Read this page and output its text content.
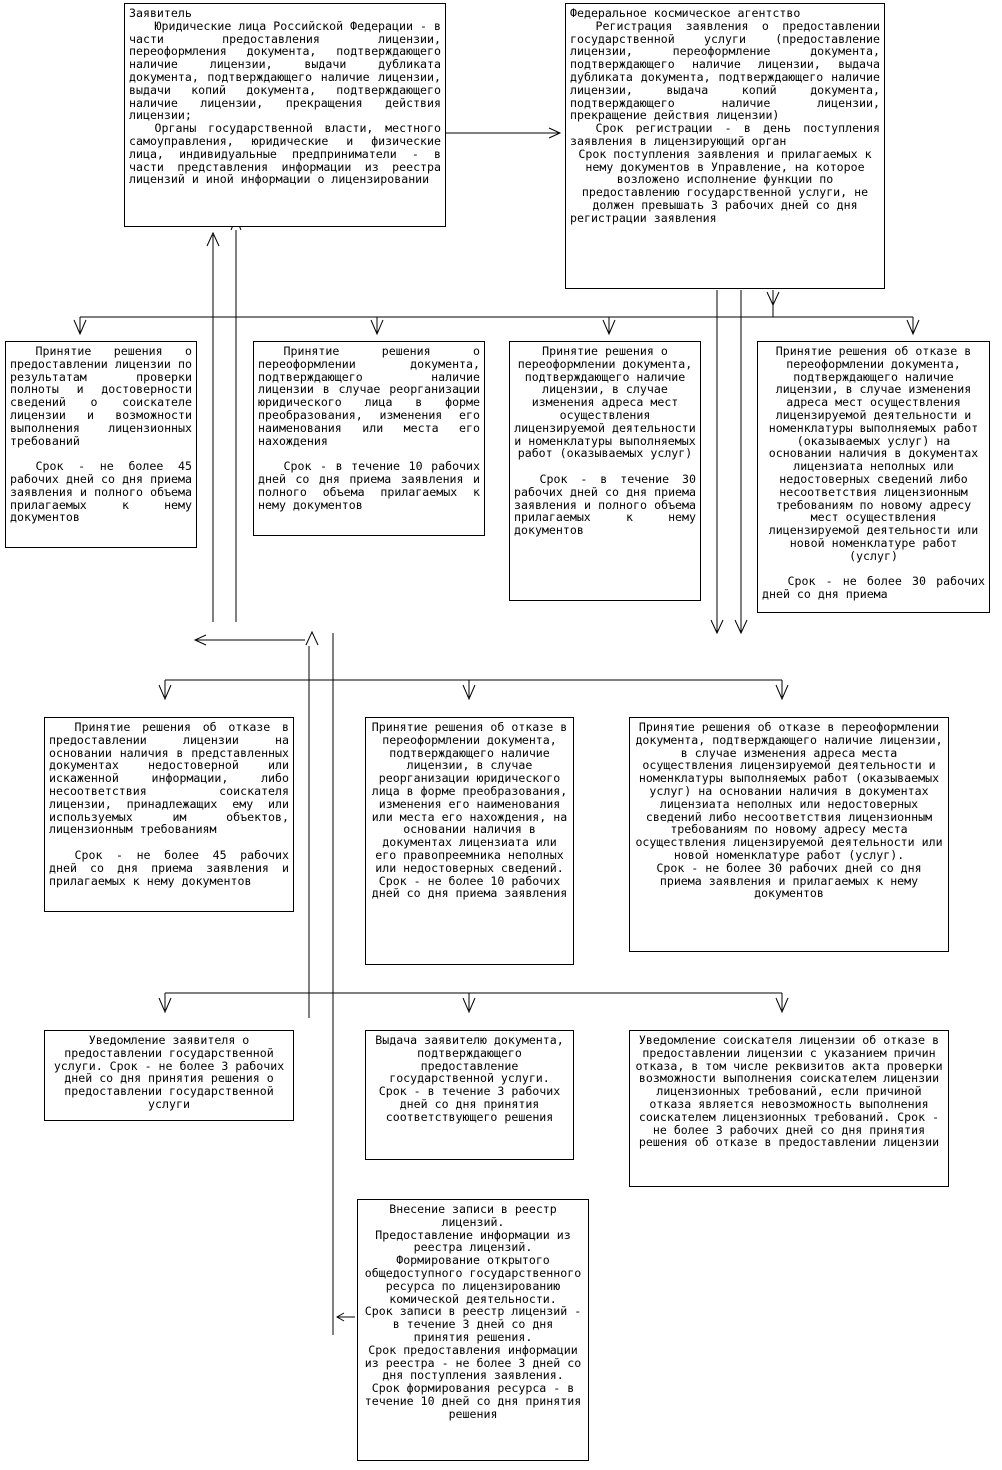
Заявитель

Юридические лица Российской Федерации - в части предоставления лицензии, переоформления документа, подтверждающего наличие лицензии, выдачи дубликата документа, подтверждающего наличие лицензии, выдачи копий документа, подтверждающего наличие лицензии, прекращения действия лицензии;

Органы государственной власти, местного самоуправления, юридические и физические лица, индивидуальные предприниматели - в части представления информации из реестра лицензий и иной информации о лицензировании

Федеральное космическое агентство

Регистрация заявления о предоставлении государственной услуги (предоставление лицензии, переоформление документа, подтверждающего наличие лицензии, выдача дубликата документа, подтверждающего наличие лицензии, выдача копий документа, подтверждающего наличие лицензии, прекращение действия лицензии)

Срок регистрации - в день поступления заявления в лицензирующий орган

Срок поступления заявления и прилагаемых к нему документов в Управление, на которое возложено исполнение функции по предоставлению государственной услуги, не должен превышать 3 рабочих дней со дня регистрации заявления

Принятие решения о предоставлении лицензии по результатам проверки полноты и достоверности сведений о соискателе лицензии и возможности выполнения лицензионных требований

Срок - не более 45 рабочих дней со дня приема заявления и полного объема прилагаемых к нему документов

Принятие решения о переоформлении документа, подтверждающего наличие лицензии в случае реорганизации юридического лица в форме преобразования, изменения его наименования или места его нахождения

Срок - в течение 10 рабочих дней со дня приема заявления и полного объема прилагаемых к нему документов

Принятие решения о переоформлении документа, подтверждающего наличие лицензии, в случае изменения адреса мест осуществления лицензируемой деятельности и номенклатуры выполняемых работ (оказываемых услуг)

Срок - в течение 30 рабочих дней со дня приема заявления и полного объема прилагаемых к нему документов

Принятие решения об отказе в переоформлении документа, подтверждающего наличие лицензии, в случае изменения адреса мест осуществления лицензируемой деятельности и номенклатуры выполняемых работ (оказываемых услуг) на основании наличия в документах лицензиата неполных или недостоверных сведений либо несоответствия лицензионным требованиям по новому адресу мест осуществления лицензируемой деятельности или новой номенклатуре работ (услуг)

Срок - не более 30 рабочих дней со дня приема

Принятие решения об отказе в предоставлении лицензии на основании наличия в представленных документах недостоверной или искаженной информации, либо несоответствия соискателя лицензии, принадлежащих ему или используемых им объектов, лицензионным требованиям

Срок - не более 45 рабочих дней со дня приема заявления и прилагаемых к нему документов

Принятие решения об отказе в переоформлении документа, подтверждающего наличие лицензии, в случае реорганизации юридического лица в форме преобразования, изменения его наименования или места его нахождения, на основании наличия в документах лицензиата или его правопреемника неполных или недостоверных сведений.

Срок - не более 10 рабочих дней со дня приема заявления

Принятие решения об отказе в переоформлении документа, подтверждающего наличие лицензии, в случае изменения адреса места осуществления лицензируемой деятельности и номенклатуры выполняемых работ (оказываемых услуг) на основании наличия в документах лицензиата неполных или недостоверных сведений либо несоответствия лицензионным требованиям по новому адресу места осуществления лицензируемой деятельности или новой номенклатуре работ (услуг).

Срок - не более 30 рабочих дней со дня приема заявления и прилагаемых к нему документов

Уведомление заявителя о предоставлении государственной услуги. Срок - не более 3 рабочих дней со дня принятия решения о предоставлении государственной услуги

Выдача заявителю документа, подтверждающего предоставление государственной услуги.

Срок - в течение 3 рабочих дней со дня принятия соответствующего решения

Уведомление соискателя лицензии об отказе в предоставлении лицензии с указанием причин отказа, в том числе реквизитов акта проверки возможности выполнения соискателем лицензии лицензионных требований, если причиной отказа является невозможность выполнения соискателем лицензионных требований. Срок - не более 3 рабочих дней со дня принятия решения об отказе в предоставлении лицензии

Внесение записи в реестр лицензий.

Предоставление информации из реестра лицензий.

Формирование открытого общедоступного государственного ресурса по лицензированию комической деятельности.

Срок записи в реестр лицензий - в течение 3 дней со дня принятия решения.

Срок предоставления информации из реестра - не более 3 дней со дня поступления заявления.

Срок формирования ресурса - в течение 10 дней со дня принятия решения
